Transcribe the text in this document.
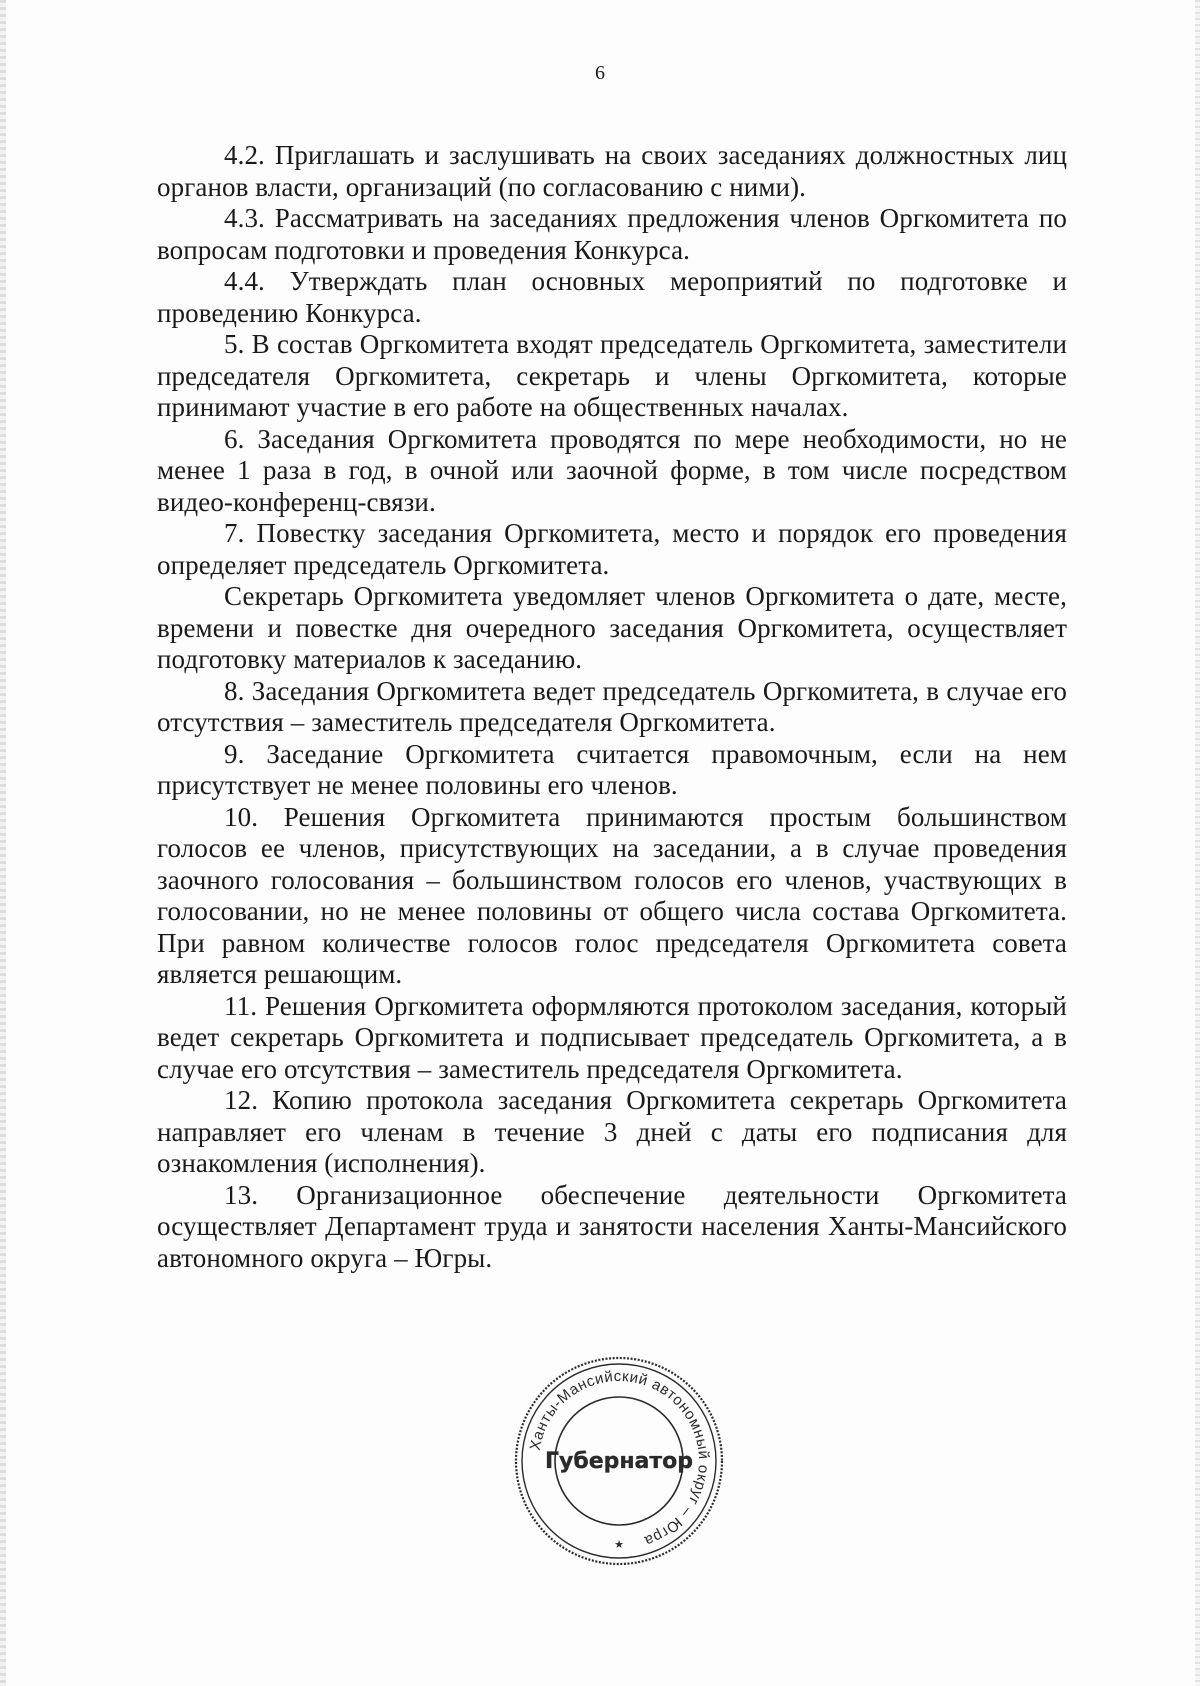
6

4.2. Приглашать и заслушивать на своих заседаниях должностных лиц органов власти, организаций (по согласованию с ними).

4.3. Рассматривать на заседаниях предложения членов Оргкомитета по вопросам подготовки и проведения Конкурса.

4.4. Утверждать план основных мероприятий по подготовке и проведению Конкурса.

5. В состав Оргкомитета входят председатель Оргкомитета, заместители председателя Оргкомитета, секретарь и члены Оргкомитета, которые принимают участие в его работе на общественных началах.

6. Заседания Оргкомитета проводятся по мере необходимости, но не менее 1 раза в год, в очной или заочной форме, в том числе посредством видео-конференц-связи.

7. Повестку заседания Оргкомитета, место и порядок его проведения определяет председатель Оргкомитета.

Секретарь Оргкомитета уведомляет членов Оргкомитета о дате, месте, времени и повестке дня очередного заседания Оргкомитета, осуществляет подготовку материалов к заседанию.

8. Заседания Оргкомитета ведет председатель Оргкомитета, в случае его отсутствия – заместитель председателя Оргкомитета.

9. Заседание Оргкомитета считается правомочным, если на нем присутствует не менее половины его членов.

10. Решения Оргкомитета принимаются простым большинством голосов ее членов, присутствующих на заседании, а в случае проведения заочного голосования – большинством голосов его членов, участвующих в голосовании, но не менее половины от общего числа состава Оргкомитета. При равном количестве голосов голос председателя Оргкомитета совета является решающим.

11. Решения Оргкомитета оформляются протоколом заседания, который ведет секретарь Оргкомитета и подписывает председатель Оргкомитета, а в случае его отсутствия – заместитель председателя Оргкомитета.

12. Копию протокола заседания Оргкомитета секретарь Оргкомитета направляет его членам в течение 3 дней с даты его подписания для ознакомления (исполнения).

13. Организационное обеспечение деятельности Оргкомитета осуществляет Департамент труда и занятости населения Ханты-Мансийского автономного округа – Югры.

Ханты-Мансийский автономный округ – Югра
Губернатор
★
